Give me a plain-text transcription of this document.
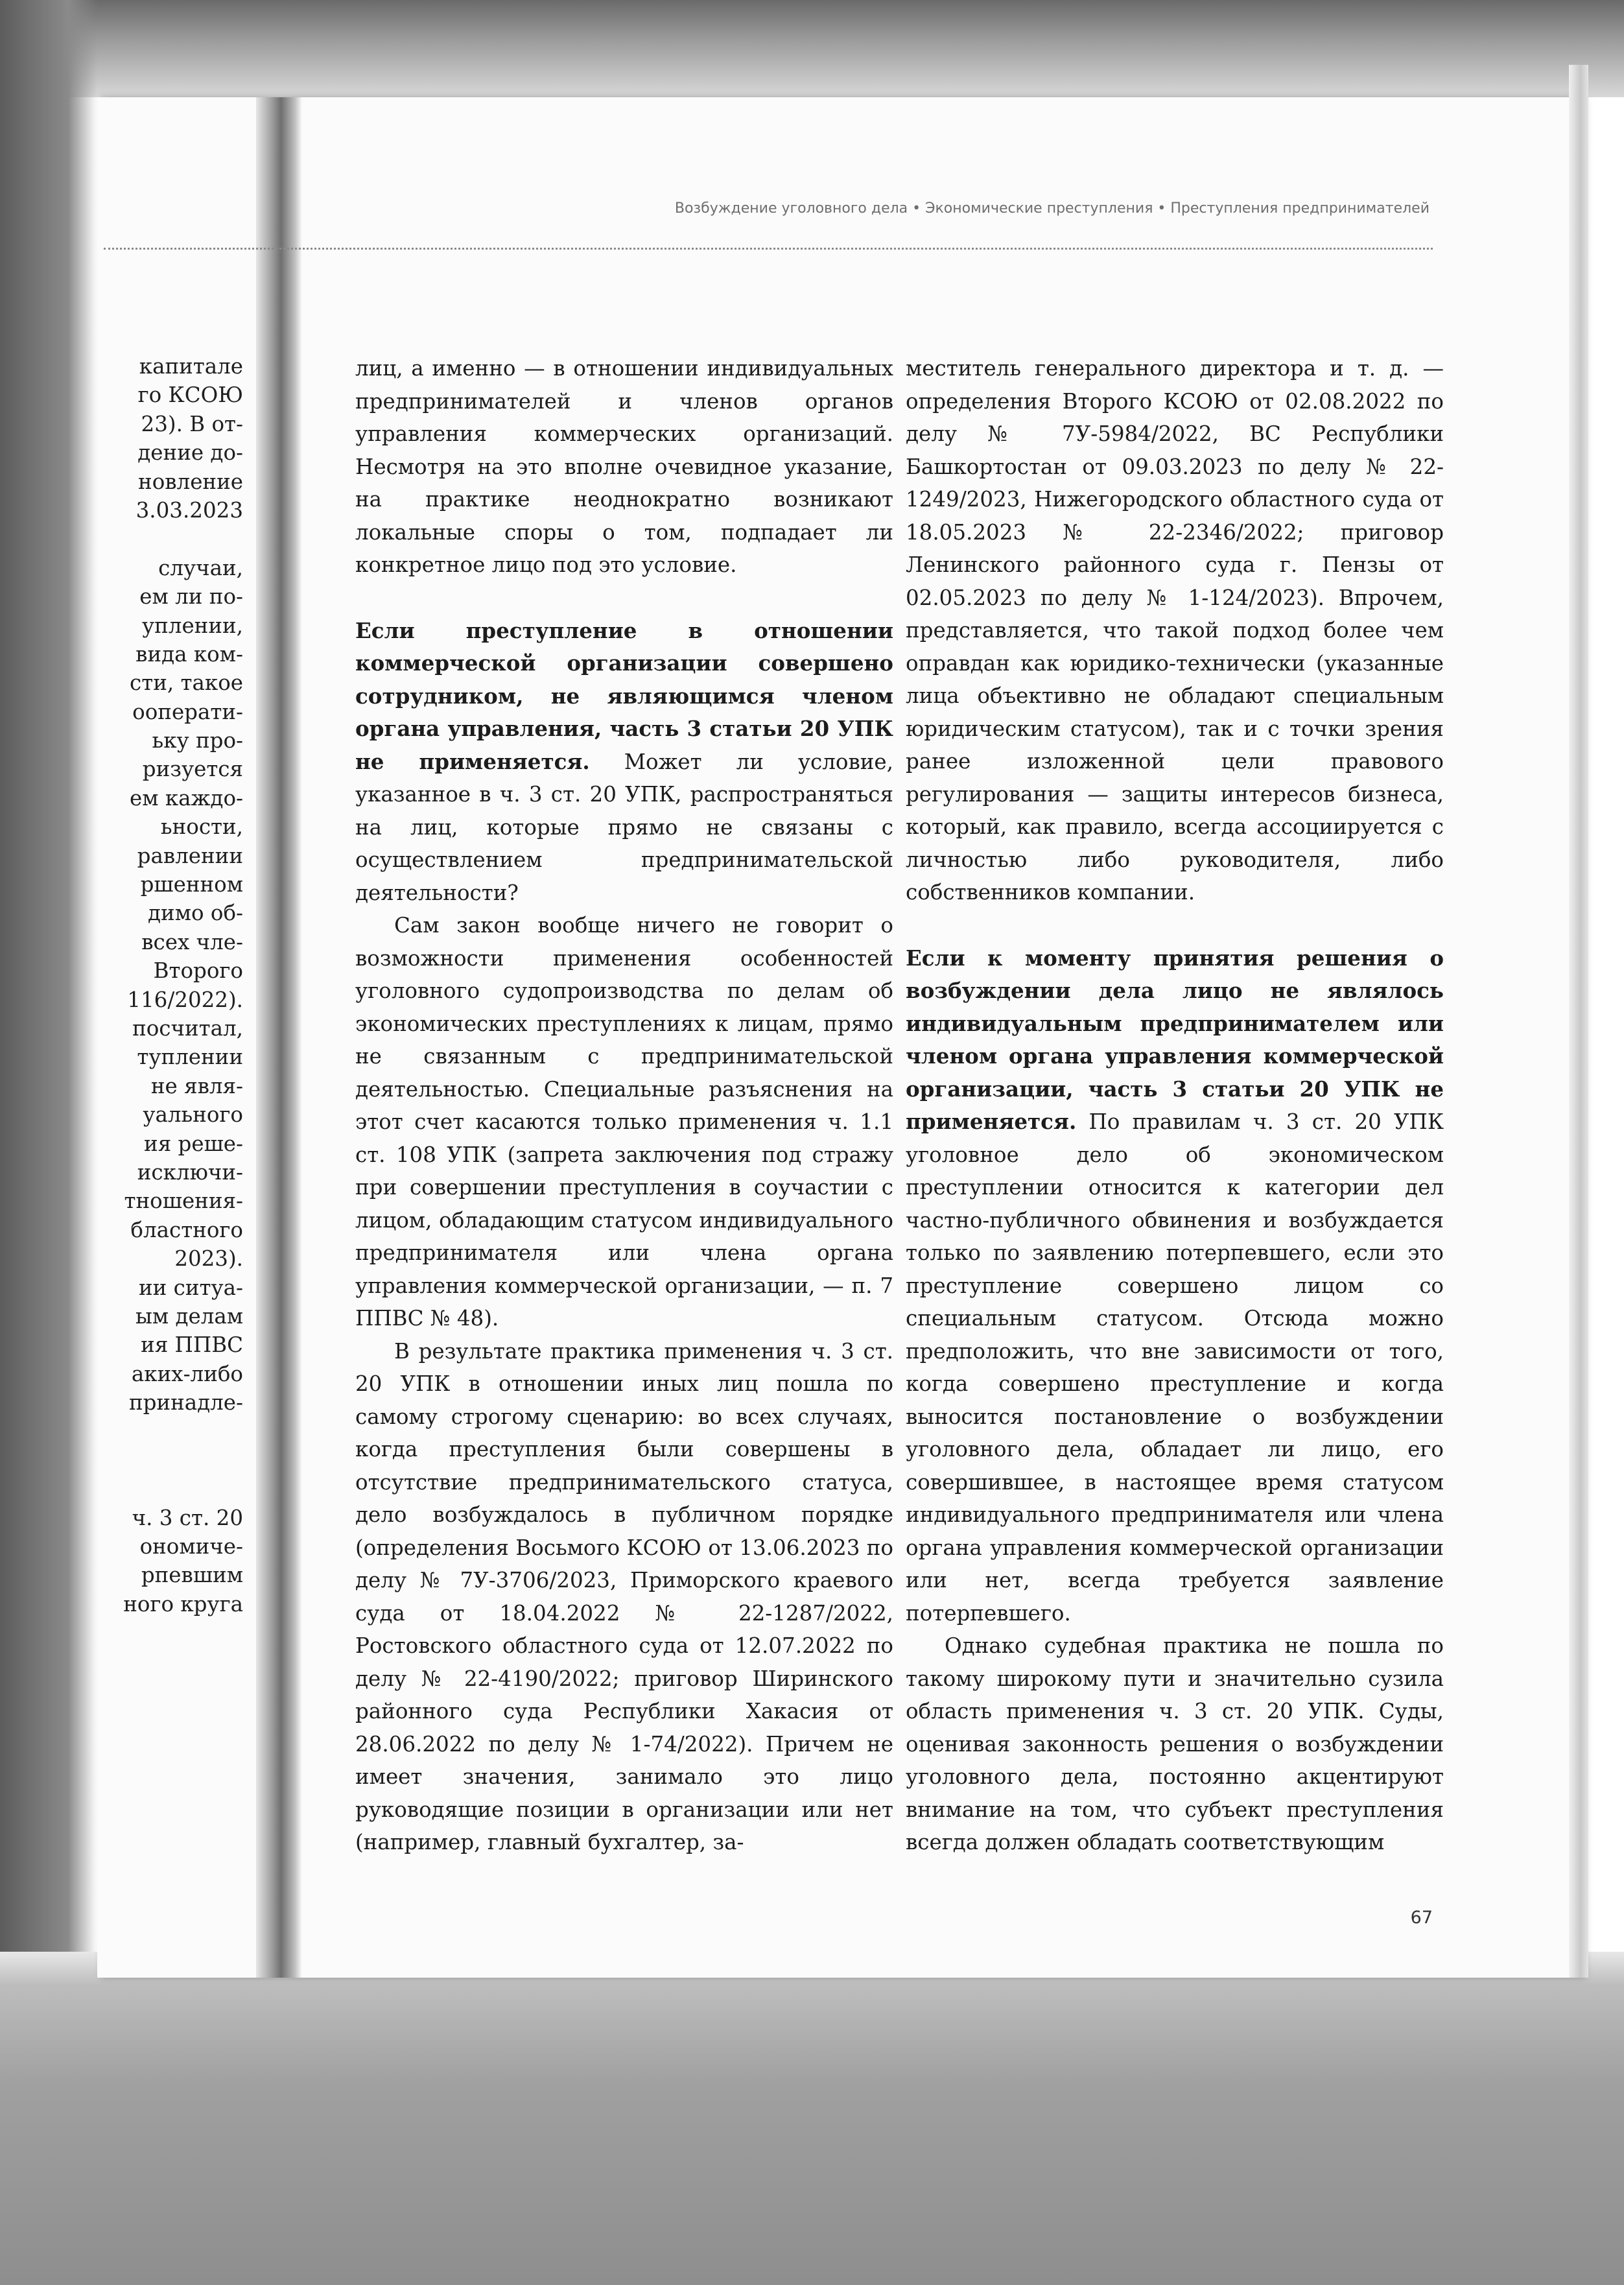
капитале
го КСОЮ
23). В от-
дение до-
новление
3.03.2023
случаи,
ем ли по-
уплении,
вида ком-
сти, такое
ооперати-
ьку про-
ризуется
ем каждо-
ьности,
равлении
ршенном
димо об-
всех чле-
Второго
116/2022).
посчитал,
туплении
не явля-
уального
ия реше-
исключи-
тношения-
бластного
2023).
ии ситуа-
ым делам
ия ППВС
аких-либо
принадле-
ч. 3 ст. 20
ономиче-
рпевшим
ного круга
Возбуждение уголовного дела • Экономические преступления • Преступления предпринимателей

лиц, а именно — в отношении индивидуальных предпринимателей и членов органов управления коммерческих организаций. Несмотря на это вполне очевидное указание, на практике неоднократно возникают локальные споры о том, подпадает ли конкретное лицо под это условие.

Если преступление в отношении коммерческой организации совершено сотрудником, не являющимся членом органа управления, часть 3 статьи 20 УПК не применяется. Может ли условие, указанное в ч. 3 ст. 20 УПК, распространяться на лиц, которые прямо не связаны с осуществлением предпринимательской деятельности?

Сам закон вообще ничего не говорит о возможности применения особенностей уголовного судопроизводства по делам об экономических преступлениях к лицам, прямо не связанным с предпринимательской деятельностью. Специальные разъяснения на этот счет касаются только применения ч. 1.1 ст. 108 УПК (запрета заключения под стражу при совершении преступления в соучастии с лицом, обладающим статусом индивидуального предпринимателя или члена органа управления коммерческой организации, — п. 7 ППВС № 48).

В результате практика применения ч. 3 ст. 20 УПК в отношении иных лиц пошла по самому строгому сценарию: во всех случаях, когда преступления были совершены в отсутствие предпринимательского статуса, дело возбуждалось в публичном порядке (определения Восьмого КСОЮ от 13.06.2023 по делу № 7У-3706/2023, Приморского краевого суда от 18.04.2022 № 22-1287/2022, Ростовского областного суда от 12.07.2022 по делу № 22-4190/2022; приговор Ширинского районного суда Республики Хакасия от 28.06.2022 по делу № 1-74/2022). Причем не имеет значения, занимало это лицо руководящие позиции в организации или нет (например, главный бухгалтер, за-

меститель генерального директора и т. д. — определения Второго КСОЮ от 02.08.2022 по делу № 7У-5984/2022, ВС Республики Башкортостан от 09.03.2023 по делу № 22-1249/2023, Нижегородского областного суда от 18.05.2023 № 22-2346/2022; приговор Ленинского районного суда г. Пензы от 02.05.2023 по делу № 1-124/2023). Впрочем, представляется, что такой подход более чем оправдан как юридико-технически (указанные лица объективно не обладают специальным юридическим статусом), так и с точки зрения ранее изложенной цели правового регулирования — защиты интересов бизнеса, который, как правило, всегда ассоциируется с личностью либо руководителя, либо собственников компании.

Если к моменту принятия решения о возбуждении дела лицо не являлось индивидуальным предпринимателем или членом органа управления коммерческой организации, часть 3 статьи 20 УПК не применяется. По правилам ч. 3 ст. 20 УПК уголовное дело об экономическом преступлении относится к категории дел частно-публичного обвинения и возбуждается только по заявлению потерпевшего, если это преступление совершено лицом со специальным статусом. Отсюда можно предположить, что вне зависимости от того, когда совершено преступление и когда выносится постановление о возбуждении уголовного дела, обладает ли лицо, его совершившее, в настоящее время статусом индивидуального предпринимателя или члена органа управления коммерческой организации или нет, всегда требуется заявление потерпевшего.

Однако судебная практика не пошла по такому широкому пути и значительно сузила область применения ч. 3 ст. 20 УПК. Суды, оценивая законность решения о возбуждении уголовного дела, постоянно акцентируют внимание на том, что субъект преступления всегда должен обладать соответствующим

67
